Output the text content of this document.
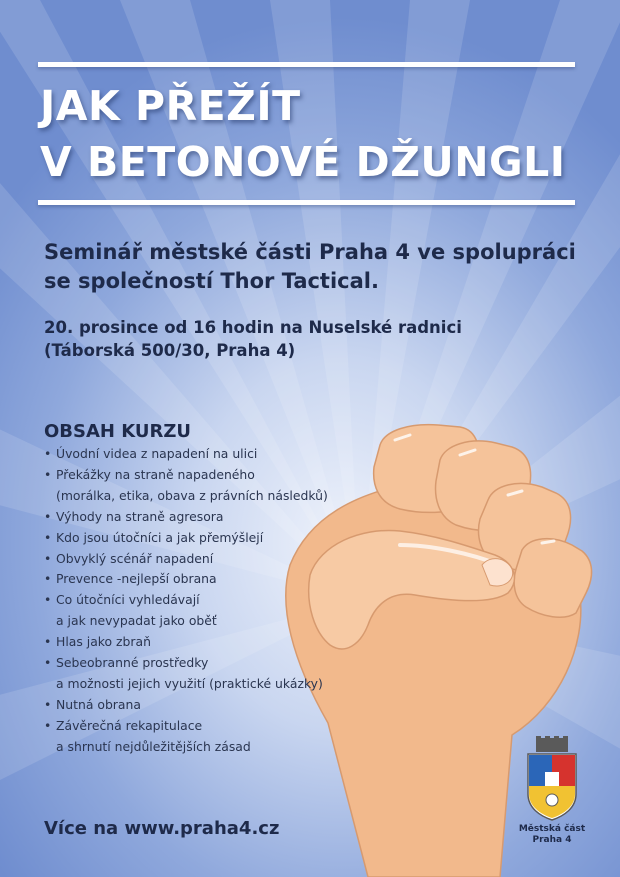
JAK PŘEŽÍT
V BETONOVÉ DŽUNGLI
Seminář městské části Praha 4 ve spolupráci
se společností Thor Tactical.
20. prosince od 16 hodin na Nuselské radnici
(Táborská 500/30, Praha 4)
OBSAH KURZU
• Úvodní videa z napadení na ulici
• Překážky na straně napadeného
(morálka, etika, obava z právních následků)
• Výhody na straně agresora
• Kdo jsou útočníci a jak přemýšlejí
• Obvyklý scénář napadení
• Prevence -nejlepší obrana
• Co útočníci vyhledávají
a jak nevypadat jako oběť
• Hlas jako zbraň
• Sebeobranné prostředky
a možnosti jejich využití (praktické ukázky)
• Nutná obrana
• Závěrečná rekapitulace
a shrnutí nejdůležitějších zásad
Více na www.praha4.cz	Městská část
Praha 4
